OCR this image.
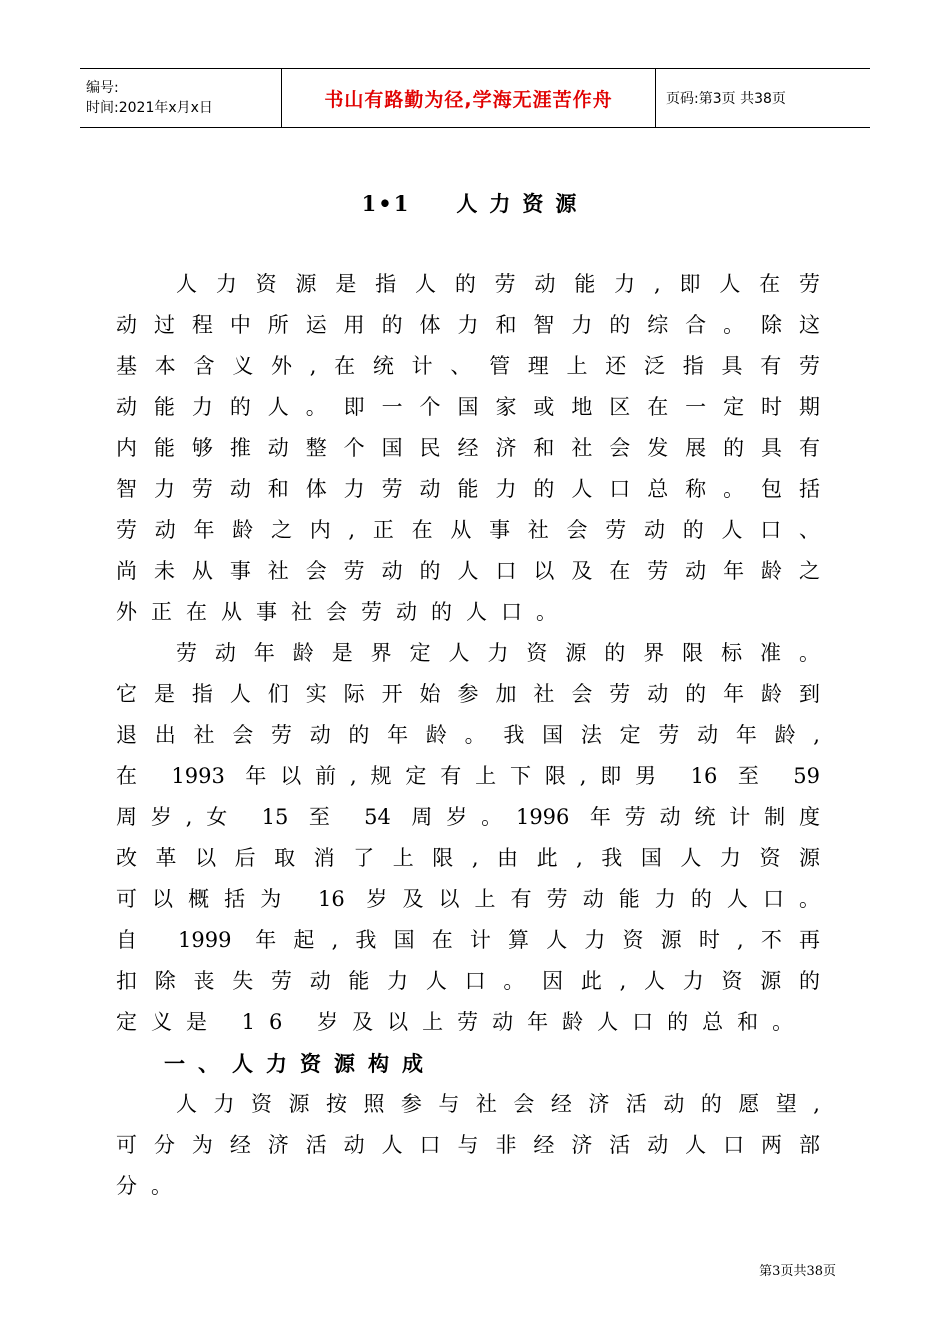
编号:
时间:2021年x月x日	书山有路勤为径,学海无涯苦作舟	页码:第3页 共38页
1•1 人力资源
人力资源是指人的劳动能力,即人在劳
动过程中所运用的体力和智力的综合。除这
基本含义外,在统计、管理上还泛指具有劳
动能力的人。即一个国家或地区在一定时期
内能够推动整个国民经济和社会发展的具有
智力劳动和体力劳动能力的人口总称。包括
劳动年龄之内,正在从事社会劳动的人口、
尚未从事社会劳动的人口以及在劳动年龄之
外正在从事社会劳动的人口。
劳动年龄是界定人力资源的界限标准。
它是指人们实际开始参加社会劳动的年龄到
退出社会劳动的年龄。我国法定劳动年龄,
在 1993 年以前,规定有上下限,即男 16 至 59
周岁,女 15 至 54 周岁。1996 年劳动统计制度
改革以后取消了上限,由此,我国人力资源
可以概括为 16 岁及以上有劳动能力的人口。
自 1999 年起,我国在计算人力资源时,不再
扣除丧失劳动能力人口。因此,人力资源的
定义是 16 岁及以上劳动年龄人口的总和。
一、人力资源构成
人力资源按照参与社会经济活动的愿望,
可分为经济活动人口与非经济活动人口两部
分。
第3页共38页
